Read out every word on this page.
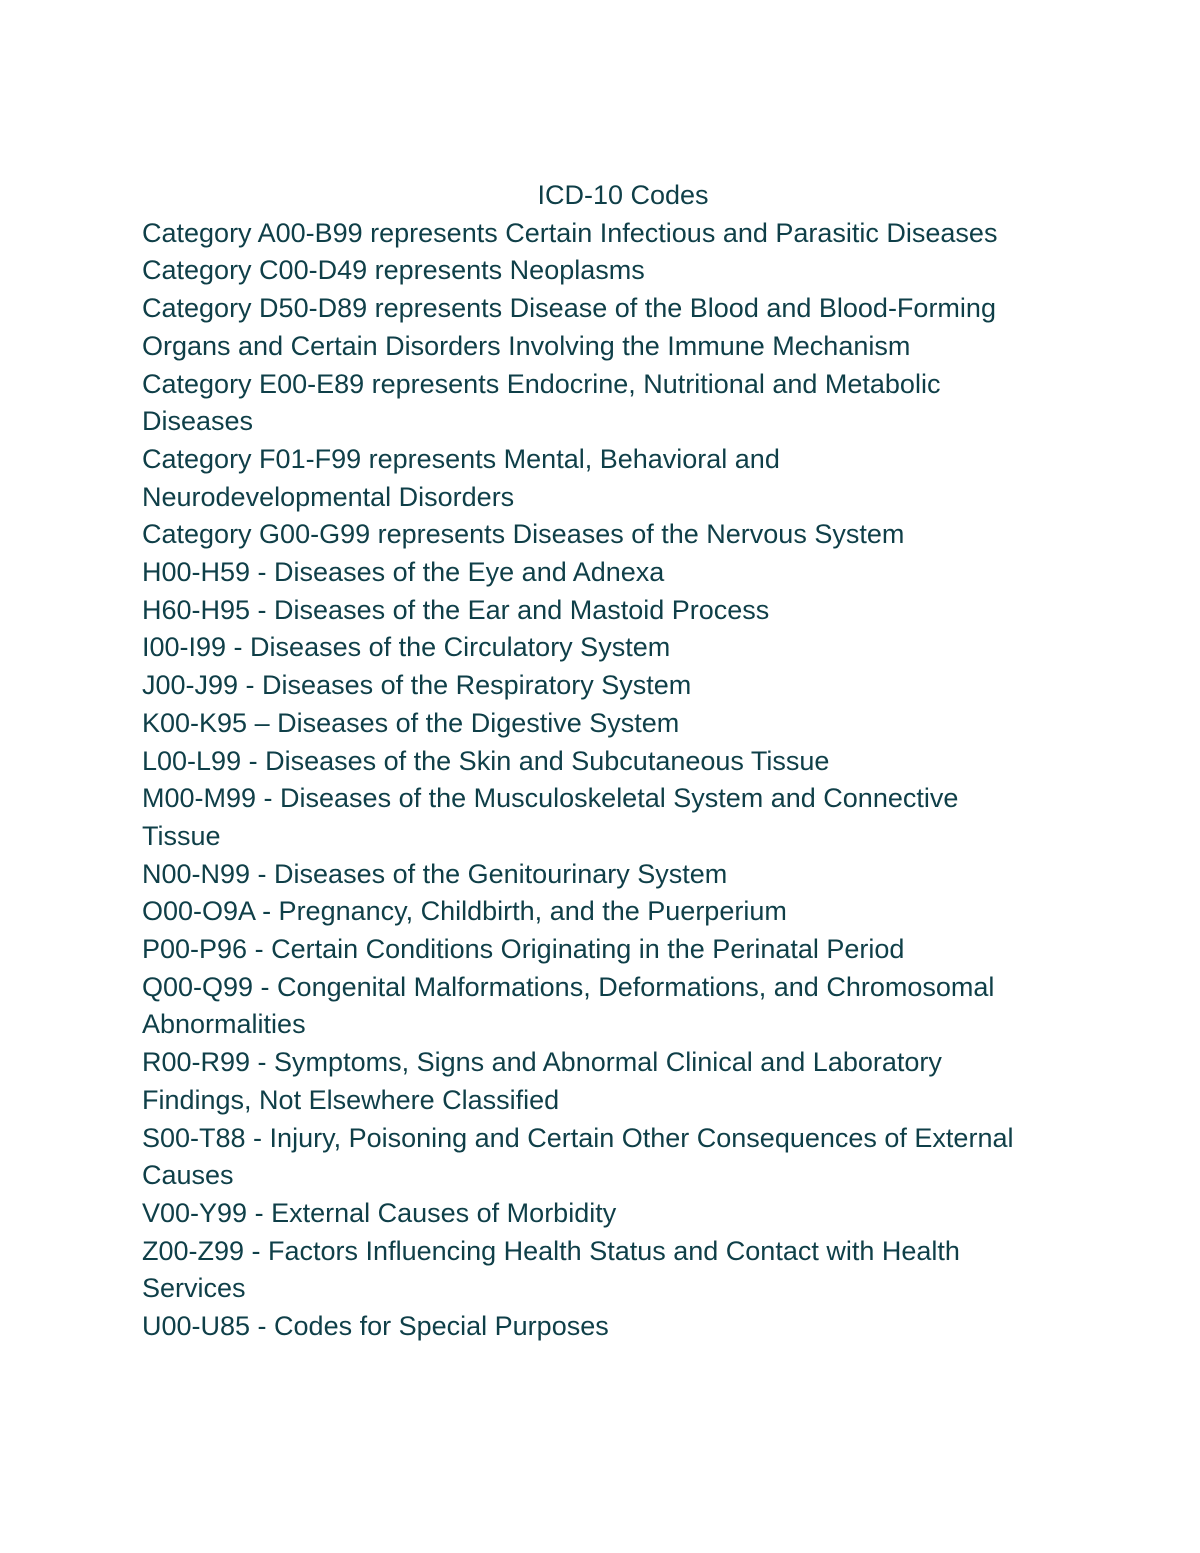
ICD-10 Codes
Category A00-B99 represents Certain Infectious and Parasitic Diseases
Category C00-D49 represents Neoplasms
Category D50-D89 represents Disease of the Blood and Blood-Forming
Organs and Certain Disorders Involving the Immune Mechanism
Category E00-E89 represents Endocrine, Nutritional and Metabolic
Diseases
Category F01-F99 represents Mental, Behavioral and
Neurodevelopmental Disorders
Category G00-G99 represents Diseases of the Nervous System
H00-H59 - Diseases of the Eye and Adnexa
H60-H95 - Diseases of the Ear and Mastoid Process
I00-I99 - Diseases of the Circulatory System
J00-J99 - Diseases of the Respiratory System
K00-K95 – Diseases of the Digestive System
L00-L99 - Diseases of the Skin and Subcutaneous Tissue
M00-M99 - Diseases of the Musculoskeletal System and Connective
Tissue
N00-N99 - Diseases of the Genitourinary System
O00-O9A - Pregnancy, Childbirth, and the Puerperium
P00-P96 - Certain Conditions Originating in the Perinatal Period
Q00-Q99 - Congenital Malformations, Deformations, and Chromosomal
Abnormalities
R00-R99 - Symptoms, Signs and Abnormal Clinical and Laboratory
Findings, Not Elsewhere Classified
S00-T88 - Injury, Poisoning and Certain Other Consequences of External
Causes
V00-Y99 - External Causes of Morbidity
Z00-Z99 - Factors Influencing Health Status and Contact with Health
Services
U00-U85 - Codes for Special Purposes
